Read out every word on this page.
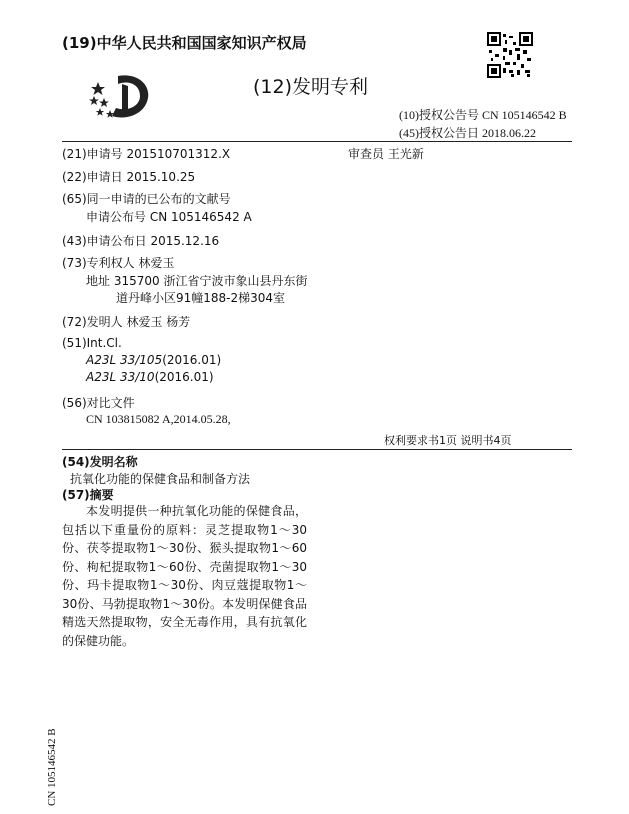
(19)中华人民共和国国家知识产权局
(12)发明专利
(10)授权公告号 CN 105146542 B
(45)授权公告日 2018.06.22
(21)申请号 201510701312.X	审查员 王光新
(22)申请日 2015.10.25
(65)同一申请的已公布的文献号
申请公布号 CN 105146542 A
(43)申请公布日 2015.12.16
(73)专利权人 林爱玉
地址 315700 浙江省宁波市象山县丹东街
道丹峰小区91幢188-2梯304室
(72)发明人 林爱玉 杨芳
(51)Int.Cl.
A23L 33/105(2016.01)
A23L 33/10(2016.01)
(56)对比文件
CN 103815082 A,2014.05.28,
权利要求书1页 说明书4页
(54)发明名称
抗氧化功能的保健食品和制备方法
(57)摘要
本发明提供一种抗氧化功能的保健食品，包括以下重量份的原料：灵芝提取物1～30份、茯苓提取物1～30份、猴头提取物1～60份、枸杞提取物1～60份、壳菌提取物1～30份、玛卡提取物1～30份、肉豆蔻提取物1～30份、马勃提取物1～30份。本发明保健食品精选天然提取物，安全无毒作用，具有抗氧化的保健功能。
CN 105146542 B
